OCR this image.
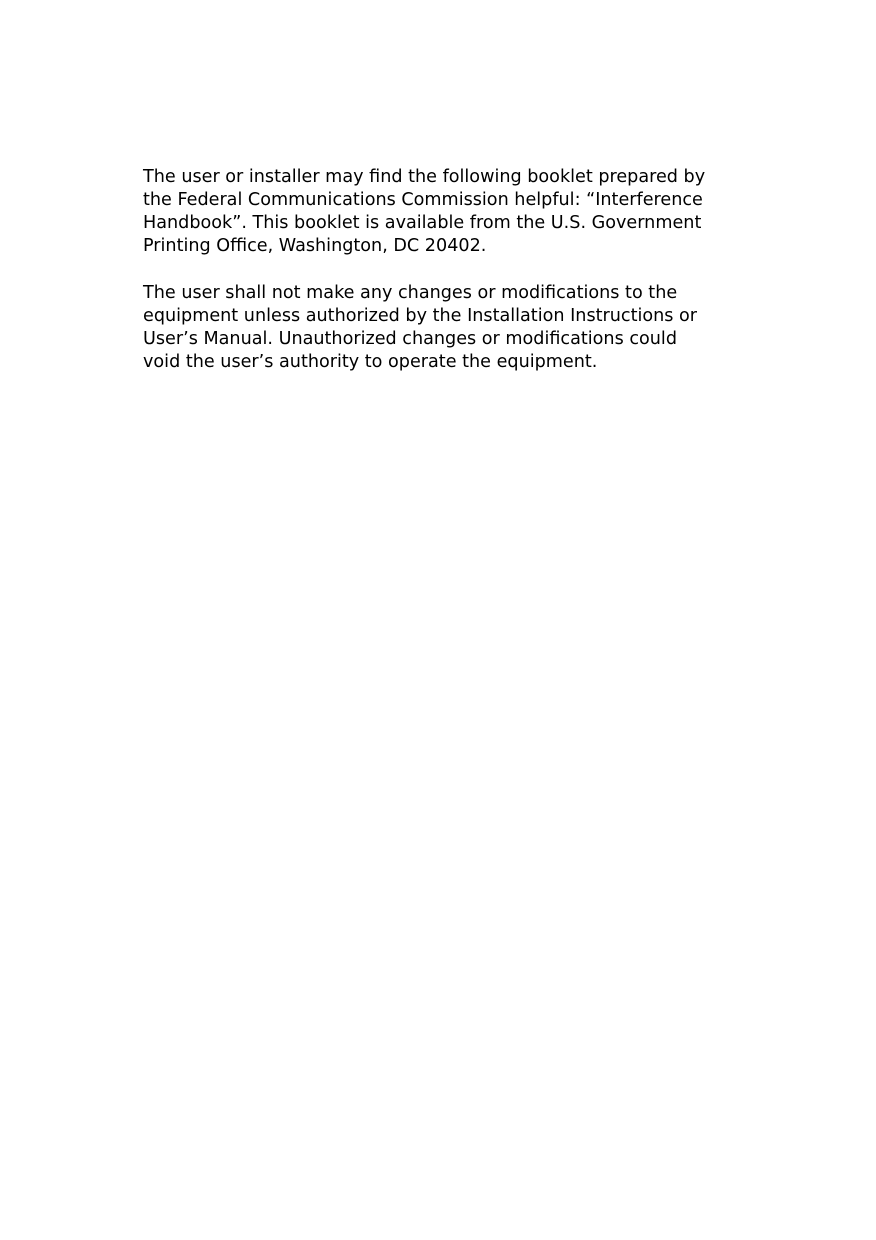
The user or installer may find the following booklet prepared by
the Federal Communications Commission helpful: “Interference
Handbook”. This booklet is available from the U.S. Government
Printing Office, Washington, DC 20402.

The user shall not make any changes or modifications to the
equipment unless authorized by the Installation Instructions or
User’s Manual. Unauthorized changes or modifications could
void the user’s authority to operate the equipment.
